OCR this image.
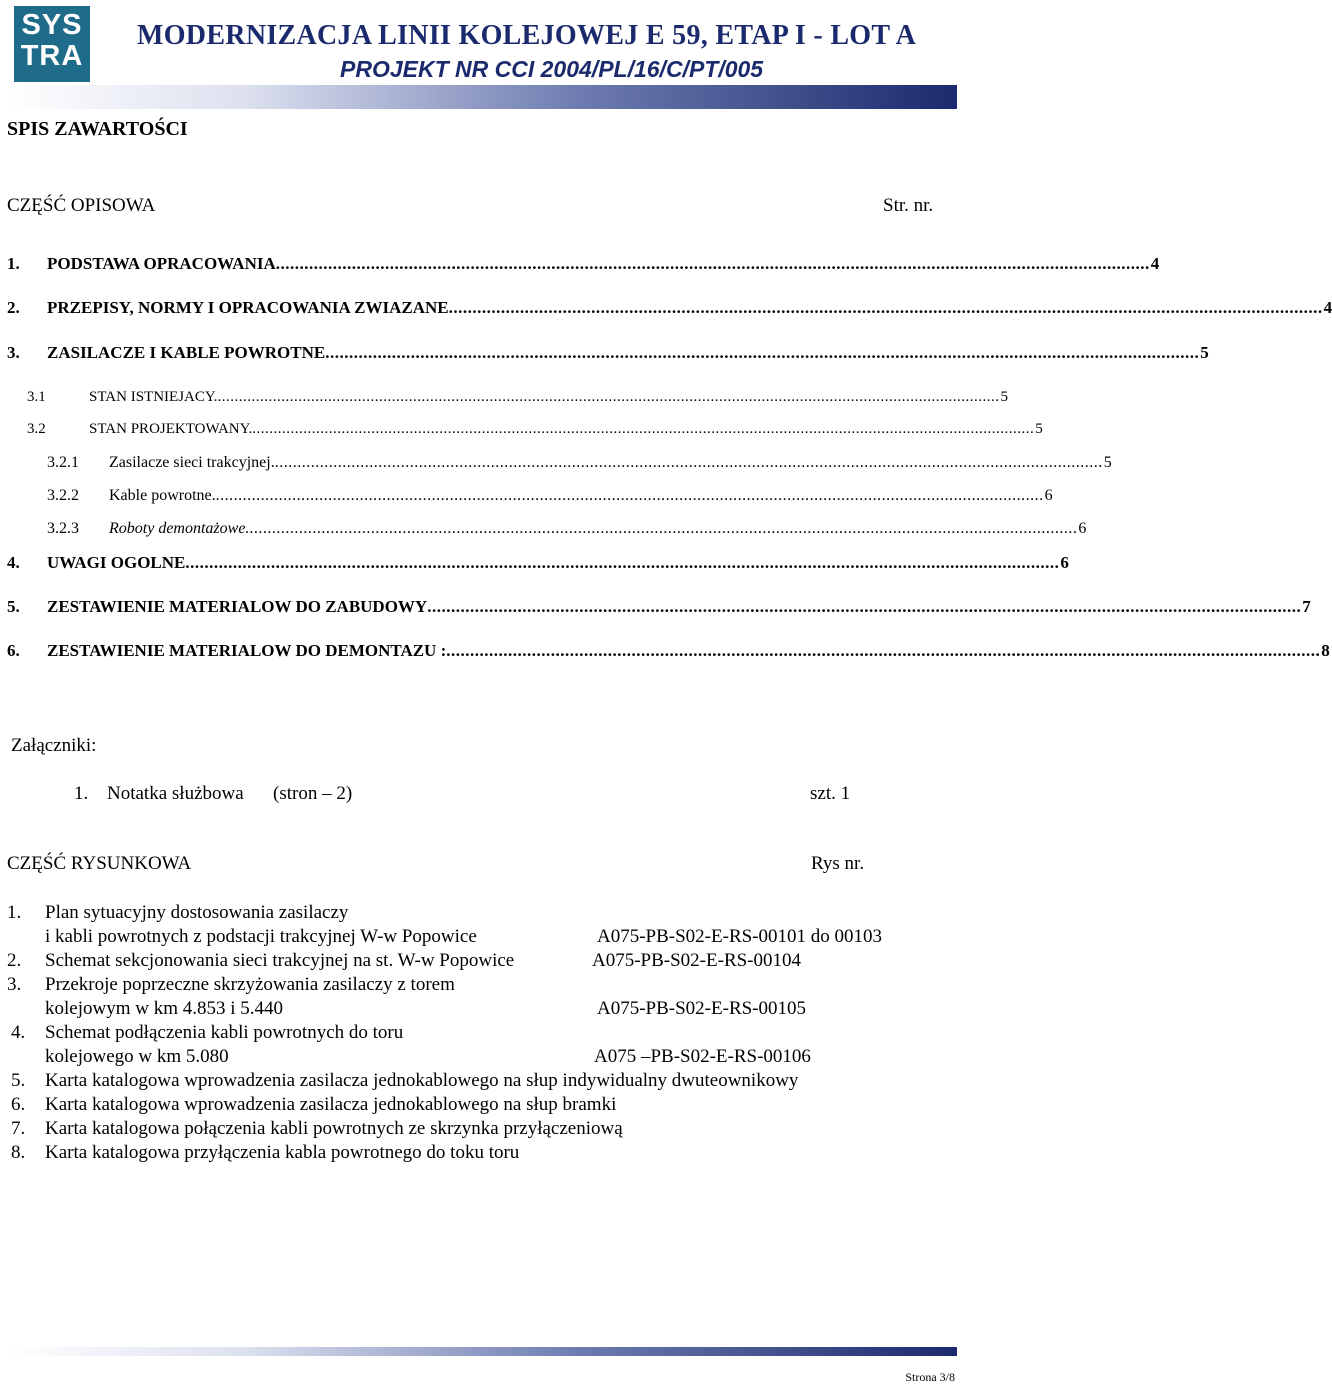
SYS
TRA
MODERNIZACJA LINII KOLEJOWEJ E 59, ETAP I - LOT A
PROJEKT NR CCI 2004/PL/16/C/PT/005
SPIS ZAWARTOŚCI
CZĘŚĆ OPISOWA	Str. nr.
1. PODSTAWA OPRACOWANIA ........................................................................................................................................................................................ 4
2. PRZEPISY, NORMY I OPRACOWANIA ZWIAZANE ........................................................................................................................................................................................ 4
3. ZASILACZE I KABLE POWROTNE ........................................................................................................................................................................................ 5
3.1	STAN ISTNIEJACY. ........................................................................................................................................................................................ 5
3.2	STAN PROJEKTOWANY. ........................................................................................................................................................................................ 5
3.2.1 Zasilacze sieci trakcyjnej. ........................................................................................................................................................................................ 5
3.2.2 Kable powrotne. ........................................................................................................................................................................................ 6
3.2.3 Roboty demontażowe. ........................................................................................................................................................................................ 6
4. UWAGI OGOLNE ........................................................................................................................................................................................ 6
5. ZESTAWIENIE MATERIALOW DO ZABUDOWY ........................................................................................................................................................................................ 7
6. ZESTAWIENIE MATERIALOW DO DEMONTAZU : ........................................................................................................................................................................................ 8
Załączniki:
1. Notatka służbowa (stron – 2)	szt. 1
CZĘŚĆ RYSUNKOWA	Rys nr.
1. Plan sytuacyjny dostosowania zasilaczy
i kabli powrotnych z podstacji trakcyjnej W-w Popowice	A075-PB-S02-E-RS-00101 do 00103
2. Schemat sekcjonowania sieci trakcyjnej na st. W-w Popowice	A075-PB-S02-E-RS-00104
3. Przekroje poprzeczne skrzyżowania zasilaczy z torem
kolejowym w km 4.853 i 5.440	A075-PB-S02-E-RS-00105
4. Schemat podłączenia kabli powrotnych do toru
kolejowego w km 5.080	A075 –PB-S02-E-RS-00106
5. Karta katalogowa wprowadzenia zasilacza jednokablowego na słup indywidualny dwuteownikowy
6. Karta katalogowa wprowadzenia zasilacza jednokablowego na słup bramki
7. Karta katalogowa połączenia kabli powrotnych ze skrzynka przyłączeniową
8. Karta katalogowa przyłączenia kabla powrotnego do toku toru
Strona 3/8
